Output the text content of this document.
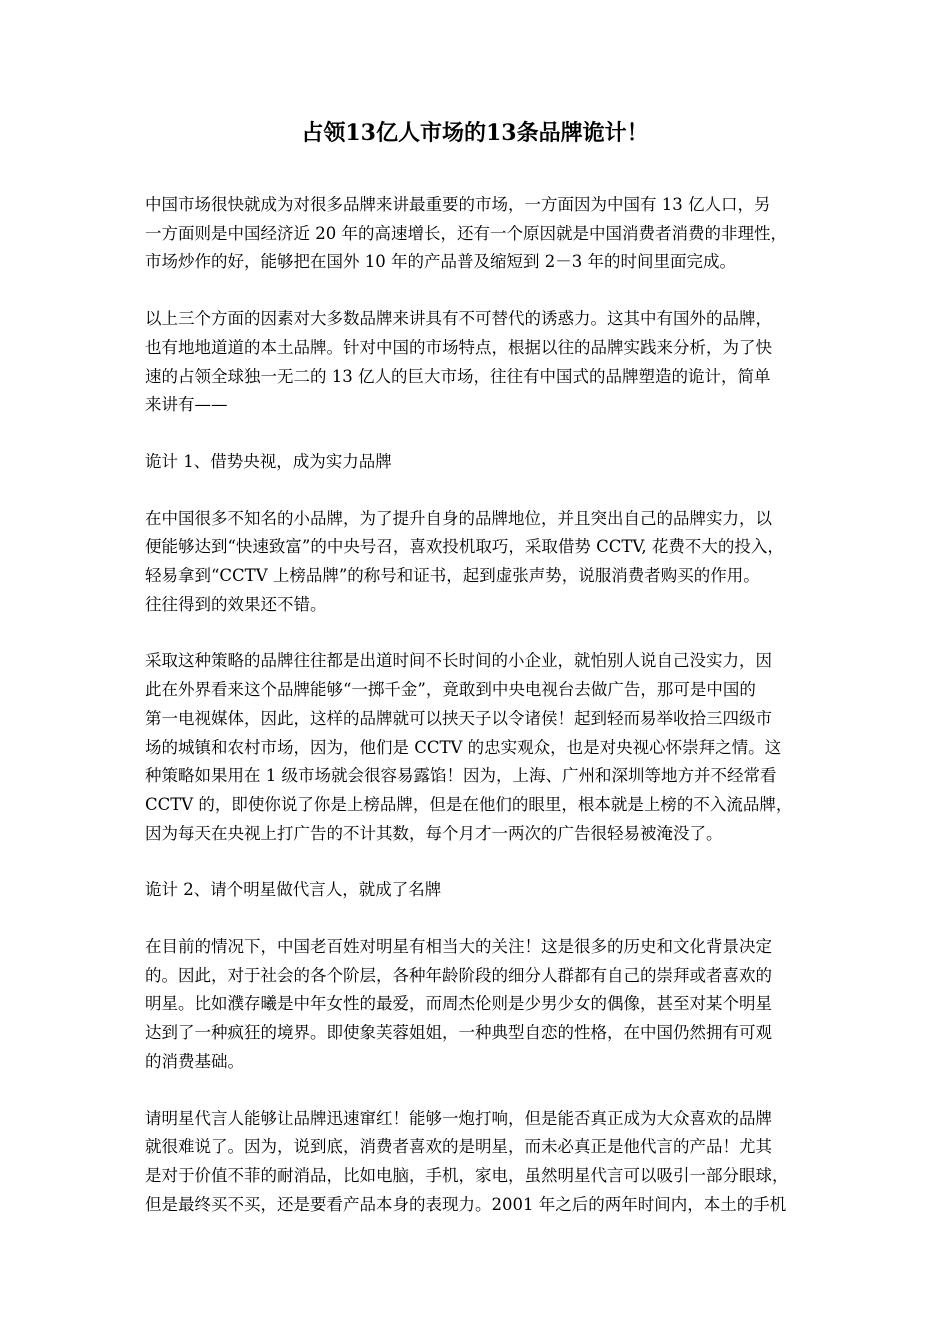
占领13亿人市场的13条品牌诡计！

中国市场很快就成为对很多品牌来讲最重要的市场，一方面因为中国有 13 亿人口，另
一方面则是中国经济近 20 年的高速增长，还有一个原因就是中国消费者消费的非理性，
市场炒作的好，能够把在国外 10 年的产品普及缩短到 2－3 年的时间里面完成。

以上三个方面的因素对大多数品牌来讲具有不可替代的诱惑力。这其中有国外的品牌，
也有地地道道的本土品牌。针对中国的市场特点，根据以往的品牌实践来分析，为了快
速的占领全球独一无二的 13 亿人的巨大市场，往往有中国式的品牌塑造的诡计，简单
来讲有——

诡计 1、借势央视，成为实力品牌

在中国很多不知名的小品牌，为了提升自身的品牌地位，并且突出自己的品牌实力，以
便能够达到“快速致富”的中央号召，喜欢投机取巧，采取借势 CCTV, 花费不大的投入，
轻易拿到“CCTV 上榜品牌”的称号和证书，起到虚张声势，说服消费者购买的作用。
往往得到的效果还不错。

采取这种策略的品牌往往都是出道时间不长时间的小企业，就怕别人说自己没实力，因
此在外界看来这个品牌能够“一掷千金”，竟敢到中央电视台去做广告，那可是中国的
第一电视媒体，因此，这样的品牌就可以挟天子以令诸侯！起到轻而易举收拾三四级市
场的城镇和农村市场，因为，他们是 CCTV 的忠实观众，也是对央视心怀崇拜之情。这
种策略如果用在 1 级市场就会很容易露馅！因为，上海、广州和深圳等地方并不经常看
CCTV 的，即使你说了你是上榜品牌，但是在他们的眼里，根本就是上榜的不入流品牌，
因为每天在央视上打广告的不计其数，每个月才一两次的广告很轻易被淹没了。

诡计 2、请个明星做代言人，就成了名牌

在目前的情况下，中国老百姓对明星有相当大的关注！这是很多的历史和文化背景决定
的。因此，对于社会的各个阶层，各种年龄阶段的细分人群都有自己的崇拜或者喜欢的
明星。比如濮存曦是中年女性的最爱，而周杰伦则是少男少女的偶像，甚至对某个明星
达到了一种疯狂的境界。即使象芙蓉姐姐，一种典型自恋的性格，在中国仍然拥有可观
的消费基础。

请明星代言人能够让品牌迅速窜红！能够一炮打响，但是能否真正成为大众喜欢的品牌
就很难说了。因为，说到底，消费者喜欢的是明星，而未必真正是他代言的产品！尤其
是对于价值不菲的耐消品，比如电脑，手机，家电，虽然明星代言可以吸引一部分眼球，
但是最终买不买，还是要看产品本身的表现力。2001 年之后的两年时间内，本土的手机
